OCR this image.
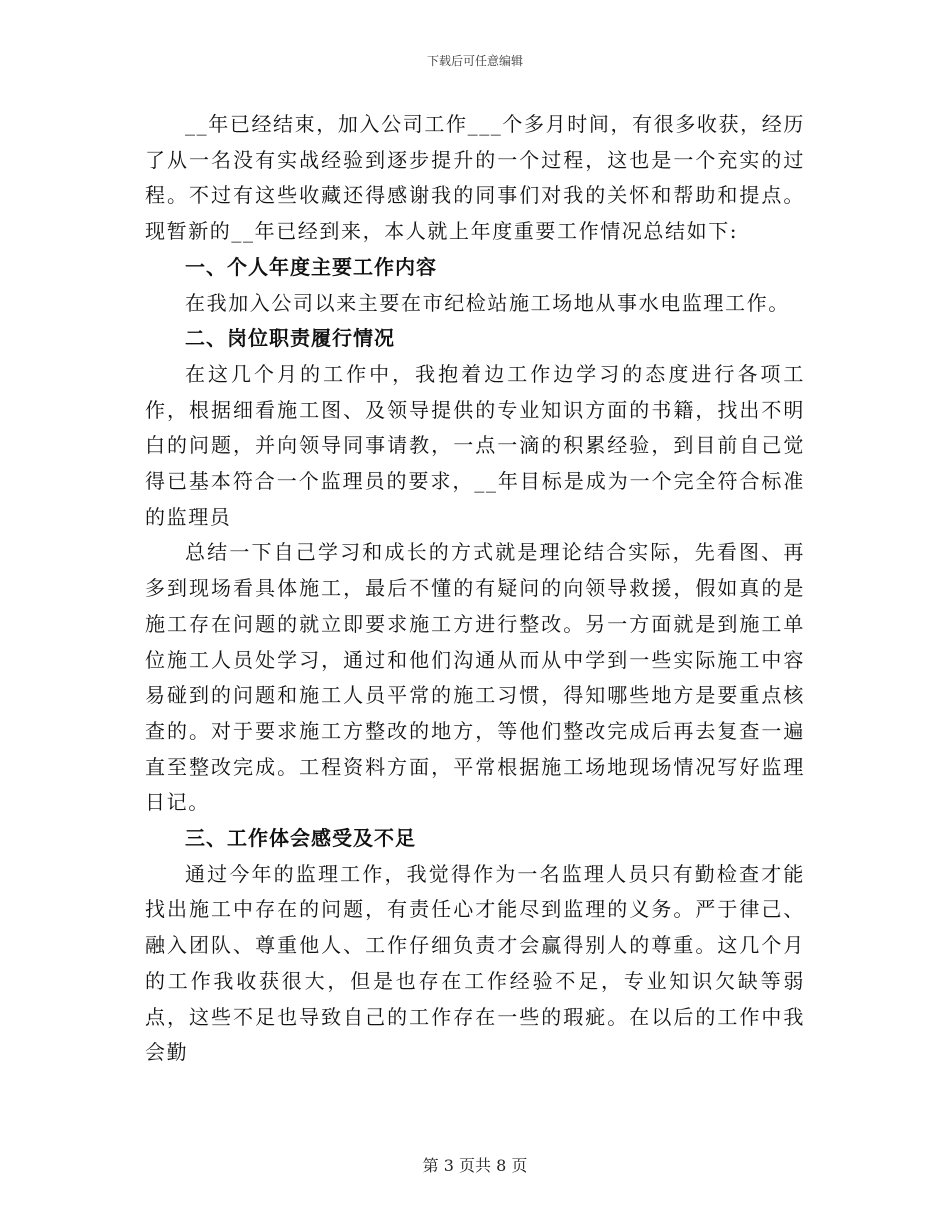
下载后可任意编辑

__年已经结束，加入公司工作___个多月时间，有很多收获，经历了从一名没有实战经验到逐步提升的一个过程，这也是一个充实的过程。不过有这些收藏还得感谢我的同事们对我的关怀和帮助和提点。现暂新的__年已经到来，本人就上年度重要工作情况总结如下:

一、个人年度主要工作内容

在我加入公司以来主要在市纪检站施工场地从事水电监理工作。

二、岗位职责履行情况

在这几个月的工作中，我抱着边工作边学习的态度进行各项工作，根据细看施工图、及领导提供的专业知识方面的书籍，找出不明白的问题，并向领导同事请教，一点一滴的积累经验，到目前自己觉得已基本符合一个监理员的要求，__年目标是成为一个完全符合标准的监理员

总结一下自己学习和成长的方式就是理论结合实际，先看图、再多到现场看具体施工，最后不懂的有疑问的向领导救援，假如真的是施工存在问题的就立即要求施工方进行整改。另一方面就是到施工单位施工人员处学习，通过和他们沟通从而从中学到一些实际施工中容易碰到的问题和施工人员平常的施工习惯，得知哪些地方是要重点核查的。对于要求施工方整改的地方，等他们整改完成后再去复查一遍直至整改完成。工程资料方面，平常根据施工场地现场情况写好监理日记。

三、工作体会感受及不足

通过今年的监理工作，我觉得作为一名监理人员只有勤检查才能找出施工中存在的问题，有责任心才能尽到监理的义务。严于律己、融入团队、尊重他人、工作仔细负责才会赢得别人的尊重。这几个月的工作我收获很大，但是也存在工作经验不足，专业知识欠缺等弱点，这些不足也导致自己的工作存在一些的瑕疵。在以后的工作中我会勤

第 3 页共 8 页
